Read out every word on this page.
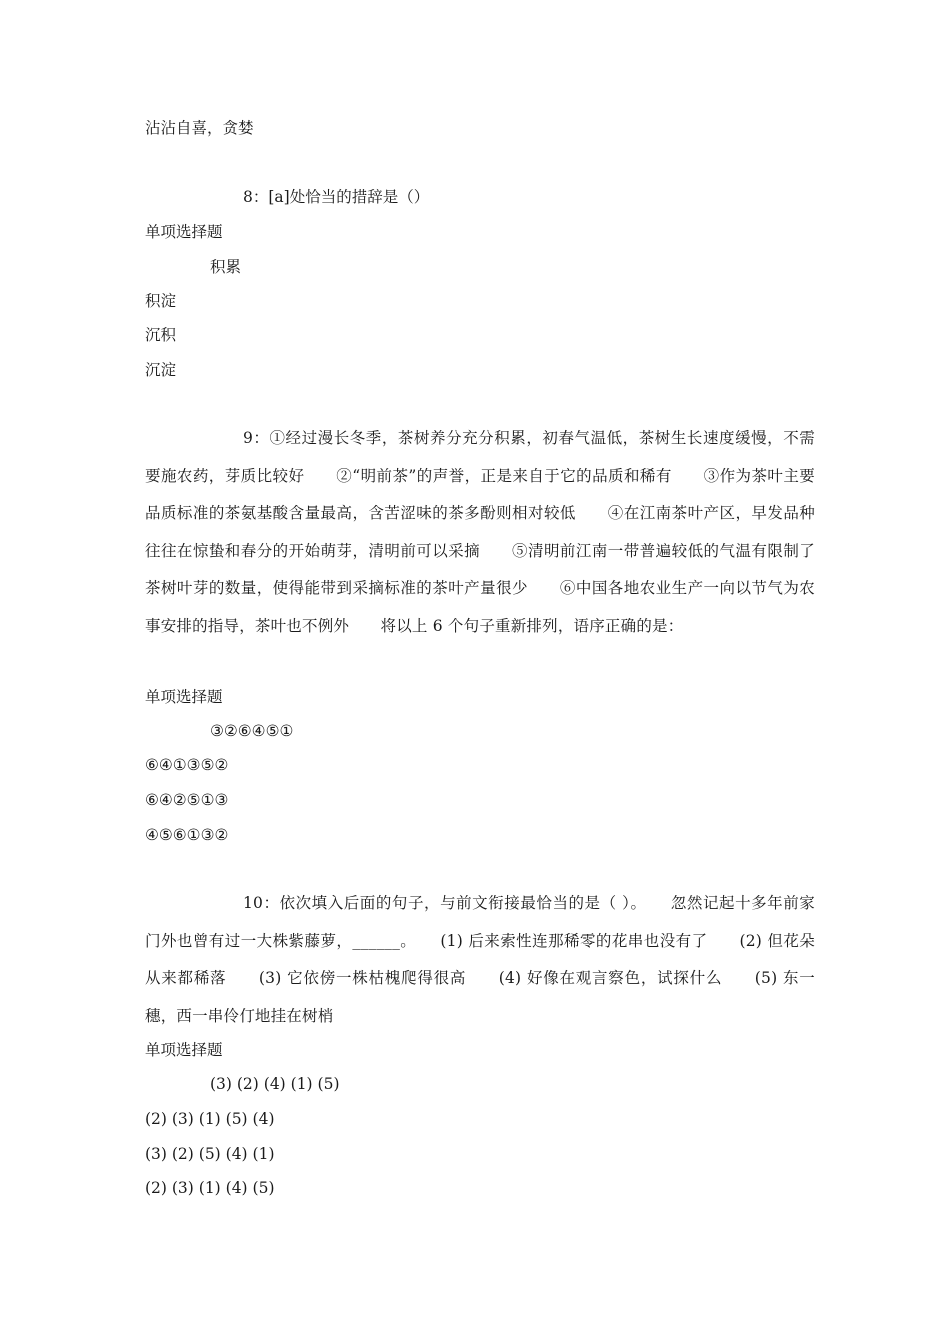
沾沾自喜，贪婪
8：[a]处恰当的措辞是（）
单项选择题
积累
积淀
沉积
沉淀
9：①经过漫长冬季，茶树养分充分积累，初春气温低，茶树生长速度缓慢，不需要施农药，芽质比较好　　②“明前茶”的声誉，正是来自于它的品质和稀有　　③作为茶叶主要品质标准的茶氨基酸含量最高，含苦涩味的茶多酚则相对较低　　④在江南茶叶产区，早发品种往往在惊蛰和春分的开始萌芽，清明前可以采摘　　⑤清明前江南一带普遍较低的气温有限制了茶树叶芽的数量，使得能带到采摘标准的茶叶产量很少　　⑥中国各地农业生产一向以节气为农事安排的指导，茶叶也不例外　　将以上 6 个句子重新排列，语序正确的是：
单项选择题
③②⑥④⑤①
⑥④①③⑤②
⑥④②⑤①③
④⑤⑥①③②
10：依次填入后面的句子，与前文衔接最恰当的是（ ）。　　忽然记起十多年前家门外也曾有过一大株紫藤萝，______。　　(1) 后来索性连那稀零的花串也没有了　　(2) 但花朵从来都稀落　　(3) 它依傍一株枯槐爬得很高　　(4) 好像在观言察色，试探什么　　(5) 东一穗，西一串伶仃地挂在树梢
单项选择题
(3) (2) (4) (1) (5)
(2) (3) (1) (5) (4)
(3) (2) (5) (4) (1)
(2) (3) (1) (4) (5)
